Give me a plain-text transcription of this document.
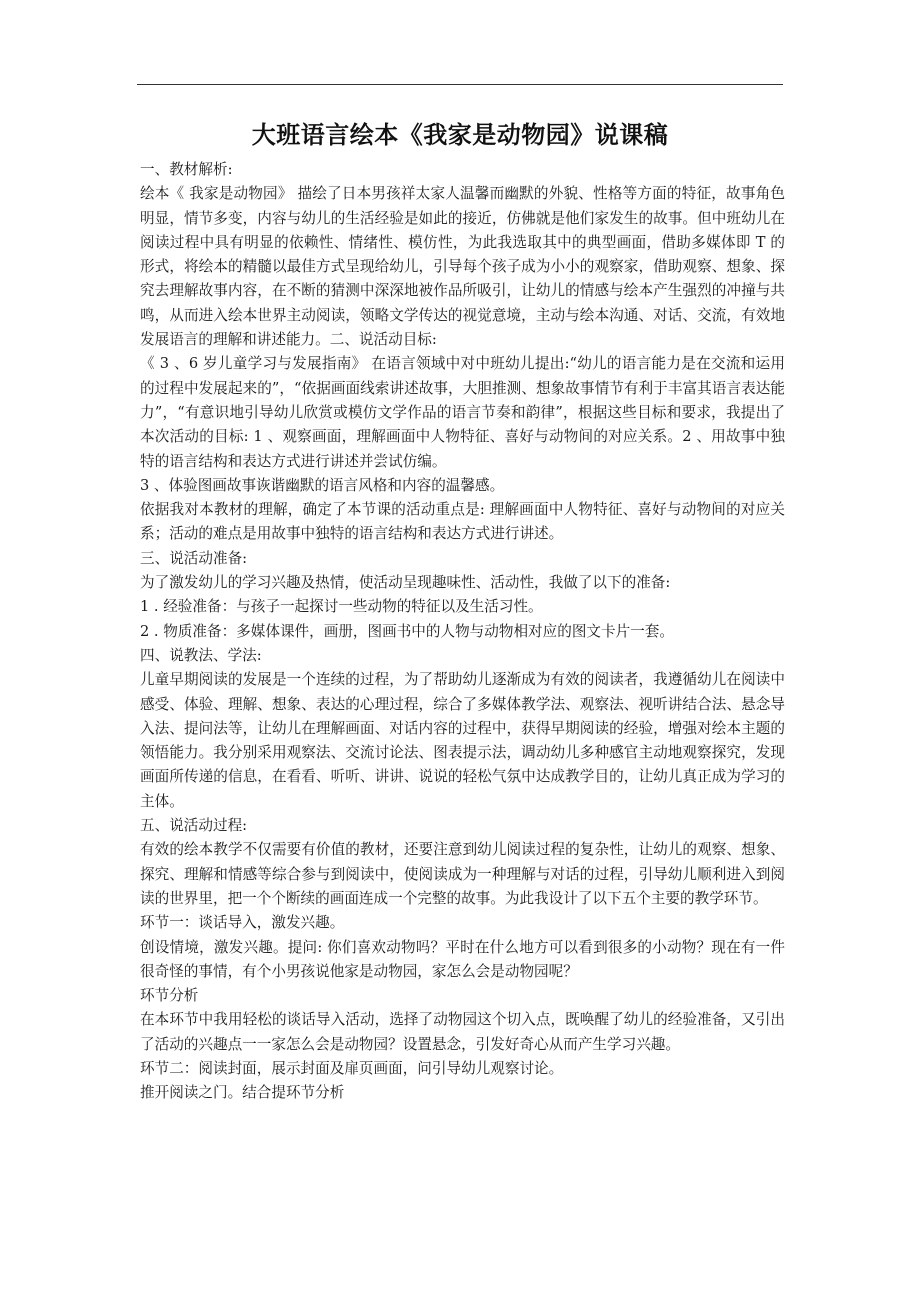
大班语言绘本《我家是动物园》说课稿

一、教材解析:

绘本《 我家是动物园》 描绘了日本男孩祥太家人温馨而幽默的外貌、性格等方面的特征，故事角色明显，情节多变，内容与幼儿的生活经验是如此的接近，仿佛就是他们家发生的故事。但中班幼儿在阅读过程中具有明显的依赖性、情绪性、模仿性，为此我选取其中的典型画面，借助多媒体即 T 的形式，将绘本的精髓以最佳方式呈现给幼儿，引导每个孩子成为小小的观察家，借助观察、想象、探究去理解故事内容，在不断的猜测中深深地被作品所吸引，让幼儿的情感与绘本产生强烈的冲撞与共鸣，从而进入绘本世界主动阅读，领略文学传达的视觉意境，主动与绘本沟通、对话、交流，有效地发展语言的理解和讲述能力。二、说活动目标:

《 3 、6 岁儿童学习与发展指南》 在语言领域中对中班幼儿提出:“幼儿的语言能力是在交流和运用的过程中发展起来的”，“依据画面线索讲述故事，大胆推测、想象故事情节有利于丰富其语言表达能力”，“有意识地引导幼儿欣赏或模仿文学作品的语言节奏和韵律”，根据这些目标和要求，我提出了本次活动的目标: 1 、观察画面，理解画面中人物特征、喜好与动物间的对应关系。2 、用故事中独特的语言结构和表达方式进行讲述并尝试仿编。

3 、体验图画故事诙谐幽默的语言风格和内容的温馨感。

依据我对本教材的理解，确定了本节课的活动重点是: 理解画面中人物特征、喜好与动物间的对应关系；活动的难点是用故事中独特的语言结构和表达方式进行讲述。

三、说活动准备:

为了激发幼儿的学习兴趣及热情，使活动呈现趣味性、活动性，我做了以下的准备:

1 . 经验准备：与孩子一起探讨一些动物的特征以及生活习性。

2 . 物质准备：多媒体课件，画册，图画书中的人物与动物相对应的图文卡片一套。

四、说教法、学法:

儿童早期阅读的发展是一个连续的过程，为了帮助幼儿逐渐成为有效的阅读者，我遵循幼儿在阅读中感受、体验、理解、想象、表达的心理过程，综合了多媒体教学法、观察法、视听讲结合法、悬念导入法、提问法等，让幼儿在理解画面、对话内容的过程中，获得早期阅读的经验，增强对绘本主题的领悟能力。我分别采用观察法、交流讨论法、图表提示法，调动幼儿多种感官主动地观察探究，发现画面所传递的信息，在看看、听听、讲讲、说说的轻松气氛中达成教学目的，让幼儿真正成为学习的主体。

五、说活动过程:

有效的绘本教学不仅需要有价值的教材，还要注意到幼儿阅读过程的复杂性，让幼儿的观察、想象、探究、理解和情感等综合参与到阅读中，使阅读成为一种理解与对话的过程，引导幼儿顺利进入到阅读的世界里，把一个个断续的画面连成一个完整的故事。为此我设计了以下五个主要的教学环节。

环节一：谈话导入，激发兴趣。

创设情境，激发兴趣。提问: 你们喜欢动物吗？平时在什么地方可以看到很多的小动物？现在有一件很奇怪的事情，有个小男孩说他家是动物园，家怎么会是动物园呢？

环节分析

在本环节中我用轻松的谈话导入活动，选择了动物园这个切入点，既唤醒了幼儿的经验准备，又引出了活动的兴趣点一一家怎么会是动物园？设置悬念，引发好奇心从而产生学习兴趣。

环节二：阅读封面，展示封面及扉页画面，问引导幼儿观察讨论。

推开阅读之门。结合提环节分析
